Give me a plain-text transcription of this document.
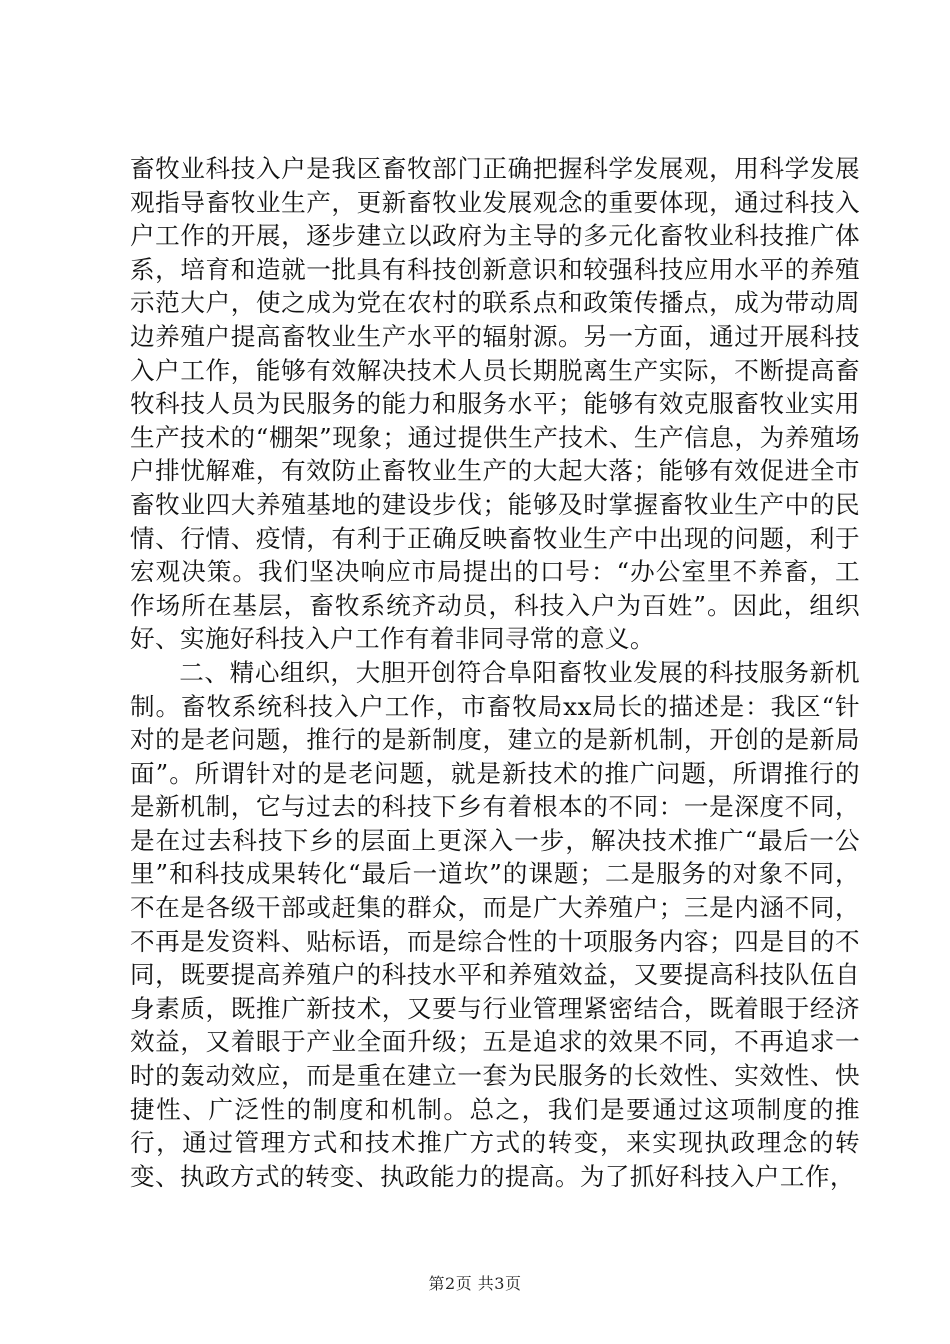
畜牧业科技入户是我区畜牧部门正确把握科学发展观，用科学发展观指导畜牧业生产，更新畜牧业发展观念的重要体现，通过科技入户工作的开展，逐步建立以政府为主导的多元化畜牧业科技推广体系，培育和造就一批具有科技创新意识和较强科技应用水平的养殖示范大户，使之成为党在农村的联系点和政策传播点，成为带动周边养殖户提高畜牧业生产水平的辐射源。另一方面，通过开展科技入户工作，能够有效解决技术人员长期脱离生产实际，不断提高畜牧科技人员为民服务的能力和服务水平；能够有效克服畜牧业实用生产技术的“棚架”现象；通过提供生产技术、生产信息，为养殖场户排忧解难，有效防止畜牧业生产的大起大落；能够有效促进全市畜牧业四大养殖基地的建设步伐；能够及时掌握畜牧业生产中的民情、行情、疫情，有利于正确反映畜牧业生产中出现的问题，利于宏观决策。我们坚决响应市局提出的口号：“办公室里不养畜，工作场所在基层，畜牧系统齐动员，科技入户为百姓”。因此，组织好、实施好科技入户工作有着非同寻常的意义。

二、精心组织，大胆开创符合阜阳畜牧业发展的科技服务新机制。畜牧系统科技入户工作，市畜牧局xx局长的描述是：我区“针对的是老问题，推行的是新制度，建立的是新机制，开创的是新局面”。所谓针对的是老问题，就是新技术的推广问题，所谓推行的是新机制，它与过去的科技下乡有着根本的不同：一是深度不同，是在过去科技下乡的层面上更深入一步，解决技术推广“最后一公里”和科技成果转化“最后一道坎”的课题；二是服务的对象不同，不在是各级干部或赶集的群众，而是广大养殖户；三是内涵不同，不再是发资料、贴标语，而是综合性的十项服务内容；四是目的不同，既要提高养殖户的科技水平和养殖效益，又要提高科技队伍自身素质，既推广新技术，又要与行业管理紧密结合，既着眼于经济效益，又着眼于产业全面升级；五是追求的效果不同，不再追求一时的轰动效应，而是重在建立一套为民服务的长效性、实效性、快捷性、广泛性的制度和机制。总之，我们是要通过这项制度的推行，通过管理方式和技术推广方式的转变，来实现执政理念的转变、执政方式的转变、执政能力的提高。为了抓好科技入户工作，

第2页 共3页
